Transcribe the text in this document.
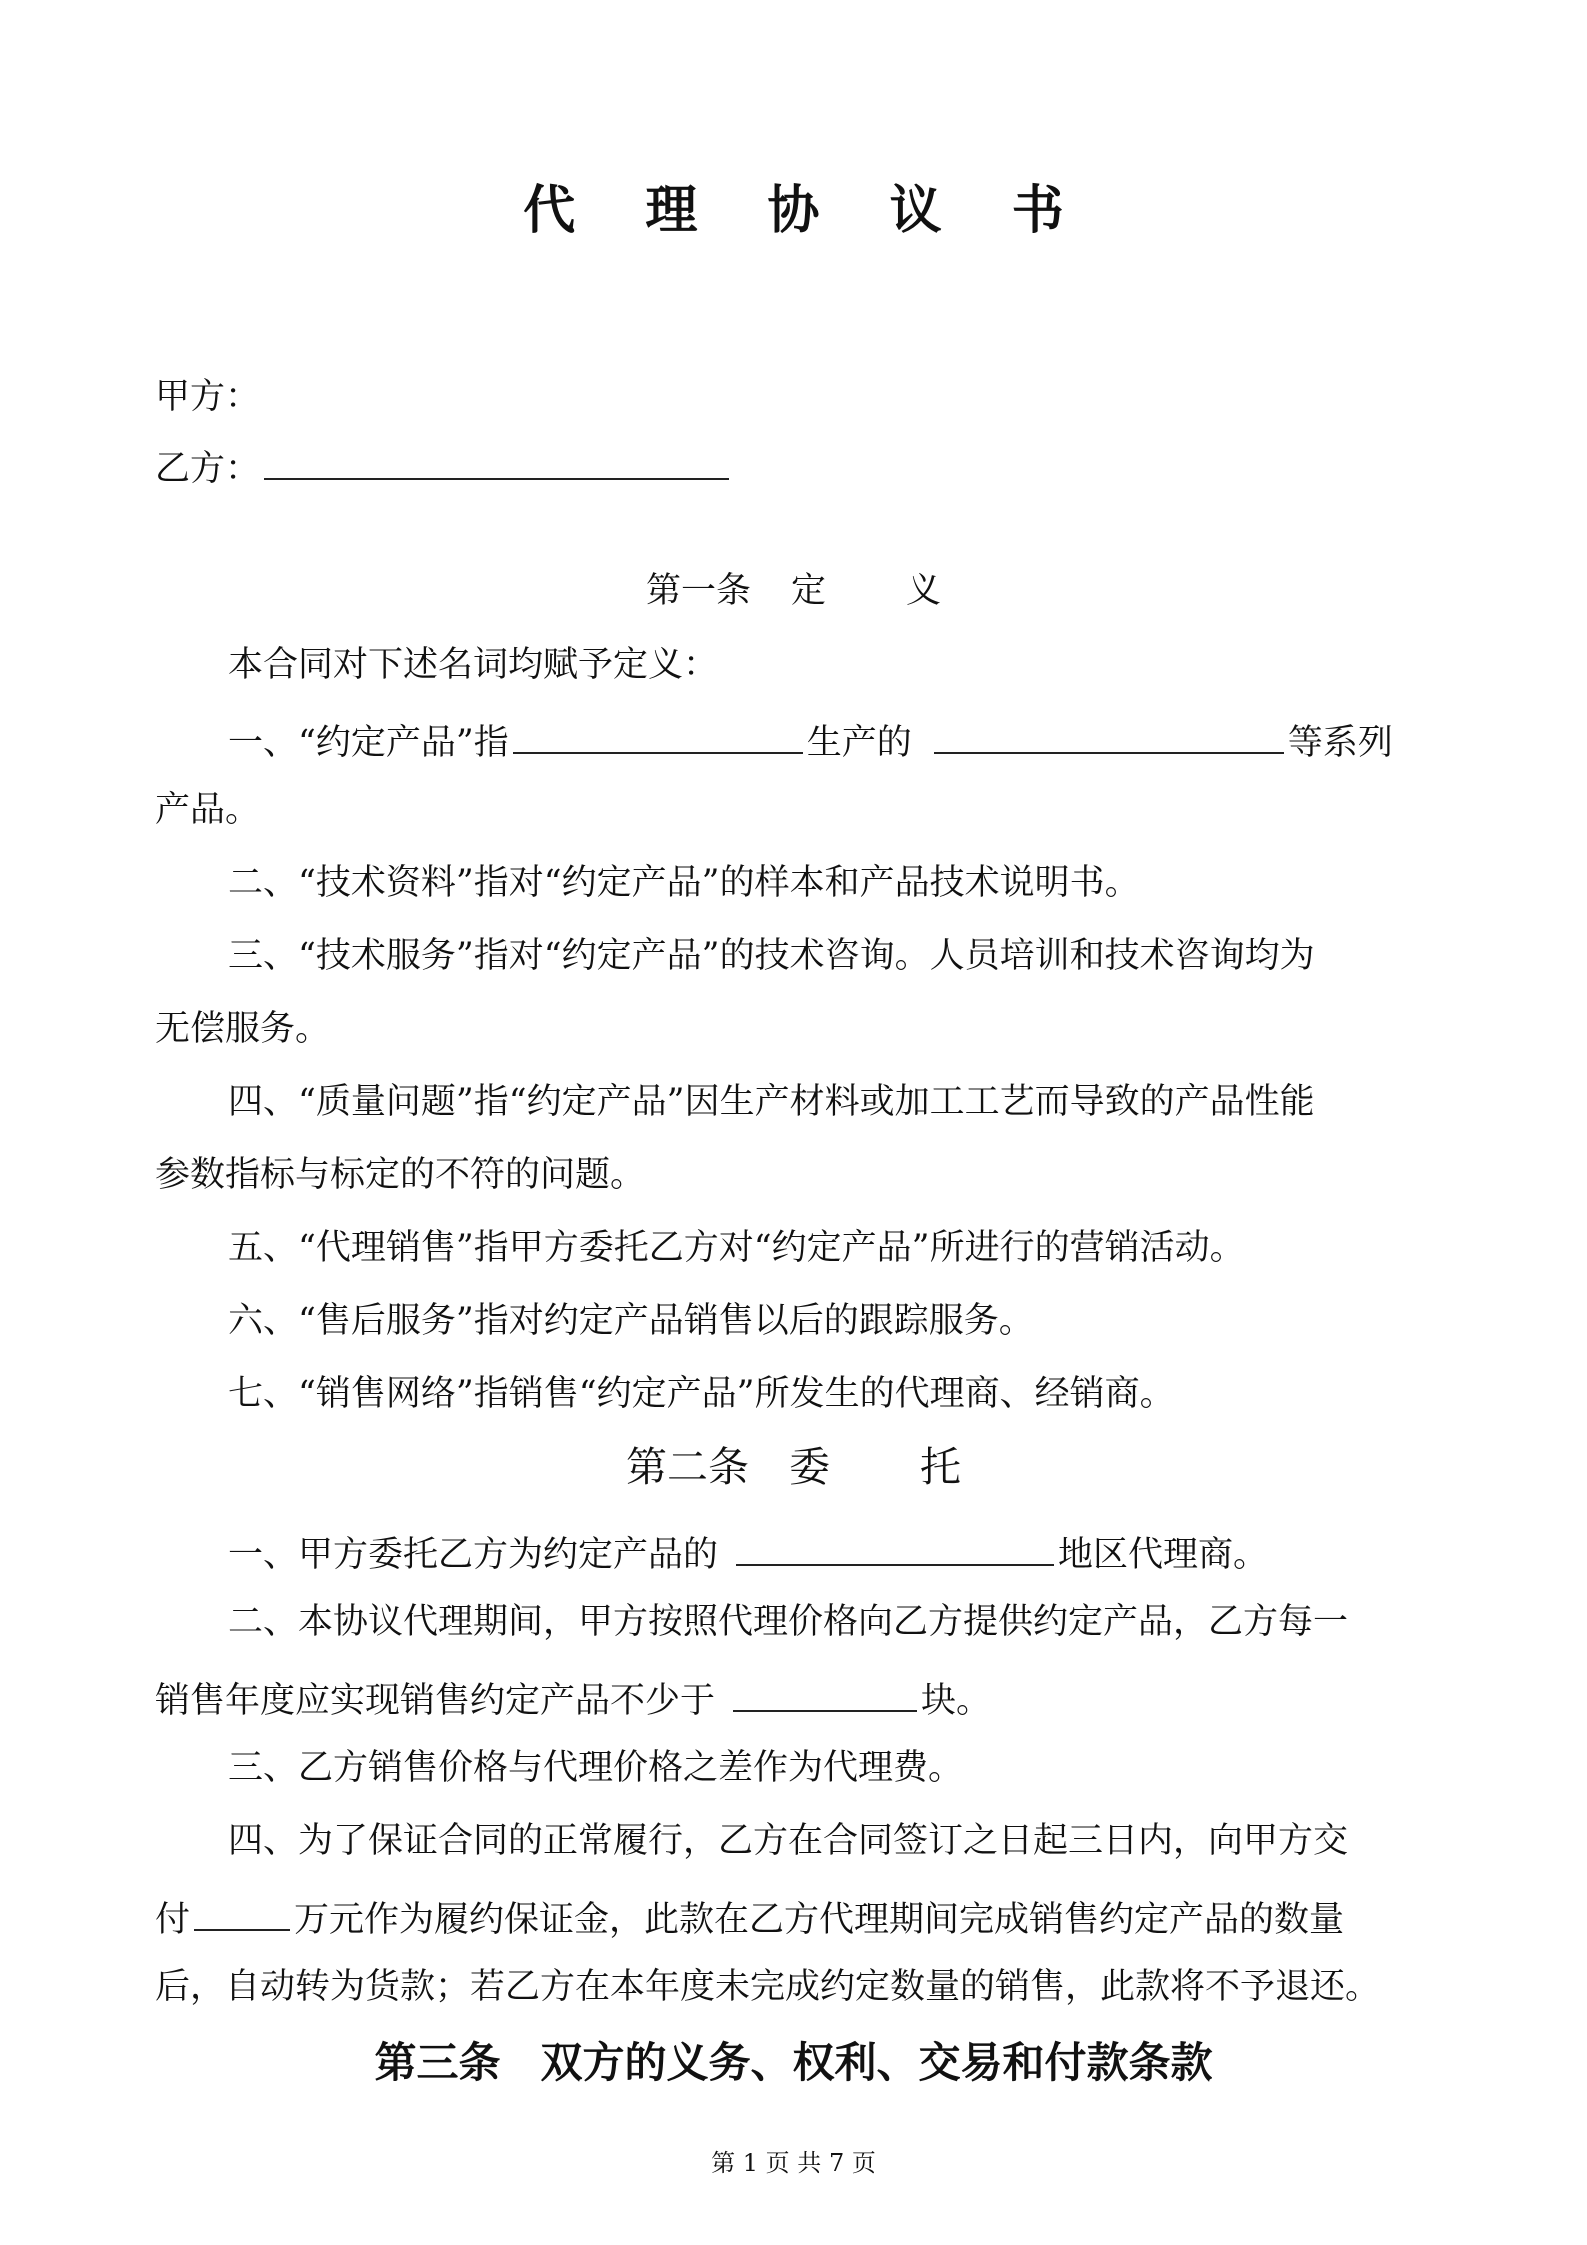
代 理 协 议 书
甲方：
乙方：
第一条 定 义
本合同对下述名词均赋予定义：
一、“约定产品”指	生产的	等系列
产品。
二、“技术资料”指对“约定产品”的样本和产品技术说明书。
三、“技术服务”指对“约定产品”的技术咨询。人员培训和技术咨询均为
无偿服务。
四、“质量问题”指“约定产品”因生产材料或加工工艺而导致的产品性能
参数指标与标定的不符的问题。
五、“代理销售”指甲方委托乙方对“约定产品”所进行的营销活动。
六、“售后服务”指对约定产品销售以后的跟踪服务。
七、“销售网络”指销售“约定产品”所发生的代理商、经销商。
第二条 委 托
一、甲方委托乙方为约定产品的	地区代理商。
二、本协议代理期间，甲方按照代理价格向乙方提供约定产品，乙方每一
销售年度应实现销售约定产品不少于	块。
三、乙方销售价格与代理价格之差作为代理费。
四、为了保证合同的正常履行，乙方在合同签订之日起三日内，向甲方交
付	万元作为履约保证金，此款在乙方代理期间完成销售约定产品的数量
后，自动转为货款；若乙方在本年度未完成约定数量的销售，此款将不予退还。
第三条 双方的义务、权利、交易和付款条款
第 1 页 共 7 页
